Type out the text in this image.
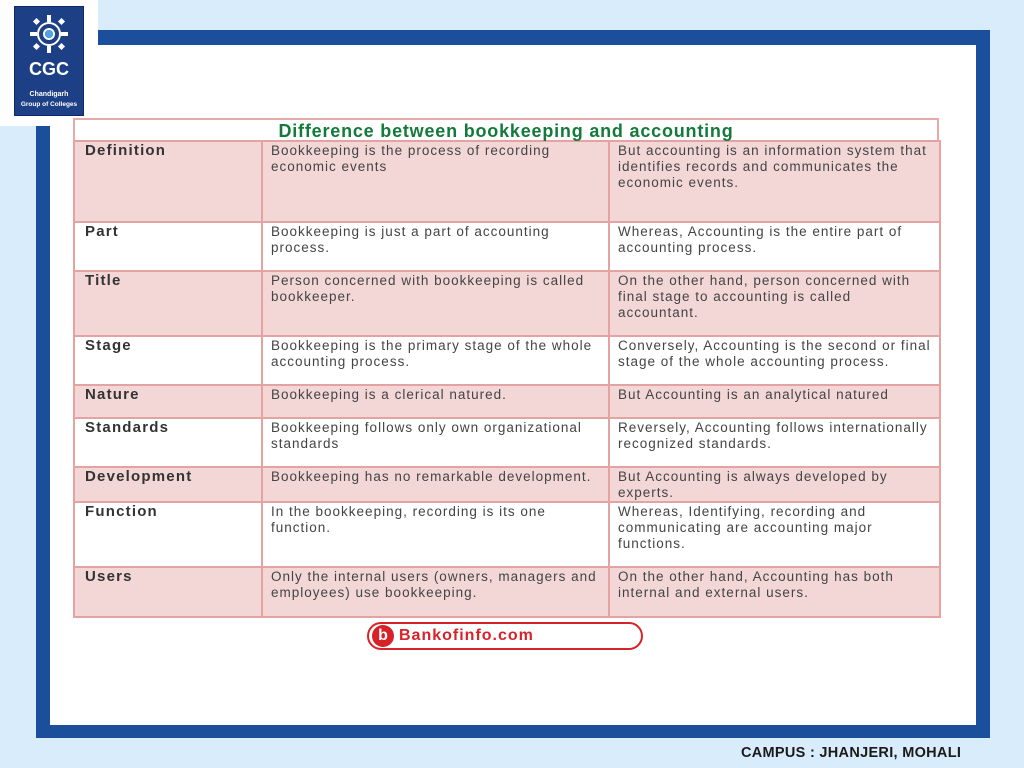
CGC
Chandigarh
Group of Colleges
Difference between bookkeeping and accounting
Definition	Bookkeeping is the process of recording economic events	But accounting is an information system that identifies records and communicates the economic events.
Part	Bookkeeping is just a part of accounting process.	Whereas, Accounting is the entire part of accounting process.
Title	Person concerned with bookkeeping is called bookkeeper.	On the other hand, person concerned with final stage to accounting is called accountant.
Stage	Bookkeeping is the primary stage of the whole accounting process.	Conversely, Accounting is the second or final stage of the whole accounting process.
Nature	Bookkeeping is a clerical natured.	But Accounting is an analytical natured
Standards	Bookkeeping follows only own organizational standards	Reversely, Accounting follows internationally recognized standards.
Development	Bookkeeping has no remarkable development.	But Accounting is always developed by experts.
Function	In the bookkeeping, recording is its one function.	Whereas, Identifying, recording and communicating are accounting major functions.
Users	Only the internal users (owners, managers and employees) use bookkeeping.	On the other hand, Accounting has both internal and external users.
b Bankofinfo.com
CAMPUS : JHANJERI, MOHALI
